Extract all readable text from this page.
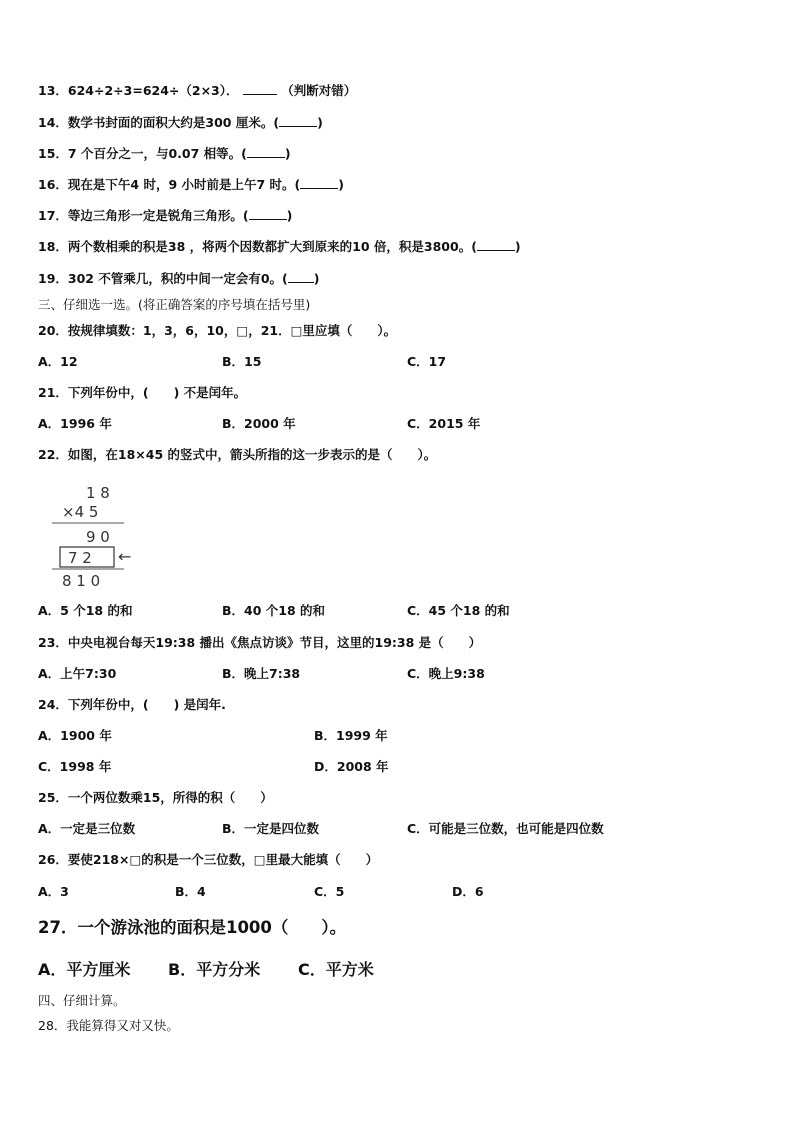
13．624÷2÷3=624÷（2×3）．	（判断对错）
14．数学书封面的面积大约是300 厘米。(	)
15．7 个百分之一，与0.07 相等。(	)
16．现在是下午4 时，9 小时前是上午7 时。(	)
17．等边三角形一定是锐角三角形。(	)
18．两个数相乘的积是38 ，将两个因数都扩大到原来的10 倍，积是3800。(	)
19．302 不管乘几，积的中间一定会有0。( )
三、仔细选一选。(将正确答案的序号填在括号里)
20．按规律填数：1，3，6，10，□，21．□里应填（　　）。
A．12	B．15	C．17
21．下列年份中，(　　) 不是闰年。
A．1996 年	B．2000 年	C．2015 年
22．如图，在18×45 的竖式中，箭头所指的这一步表示的是（　　）。
1 8
×4 5
9 0
7 2 ←
8 1 0
A．5 个18 的和	B．40 个18 的和	C．45 个18 的和
23．中央电视台每天19:38 播出《焦点访谈》节目，这里的19:38 是（　　）
A．上午7:30	B．晚上7:38	C．晚上9:38
24．下列年份中，(　　) 是闰年.
A．1900 年	B．1999 年
C．1998 年	D．2008 年
25．一个两位数乘15，所得的积（　　）
A．一定是三位数	B．一定是四位数	C．可能是三位数，也可能是四位数
26．要使218×□的积是一个三位数，□里最大能填（　　）
A．3	B．4	C．5	D．6
27．一个游泳池的面积是1000（　　）。
A．平方厘米 B．平方分米 C．平方米
四、仔细计算。
28．我能算得又对又快。
